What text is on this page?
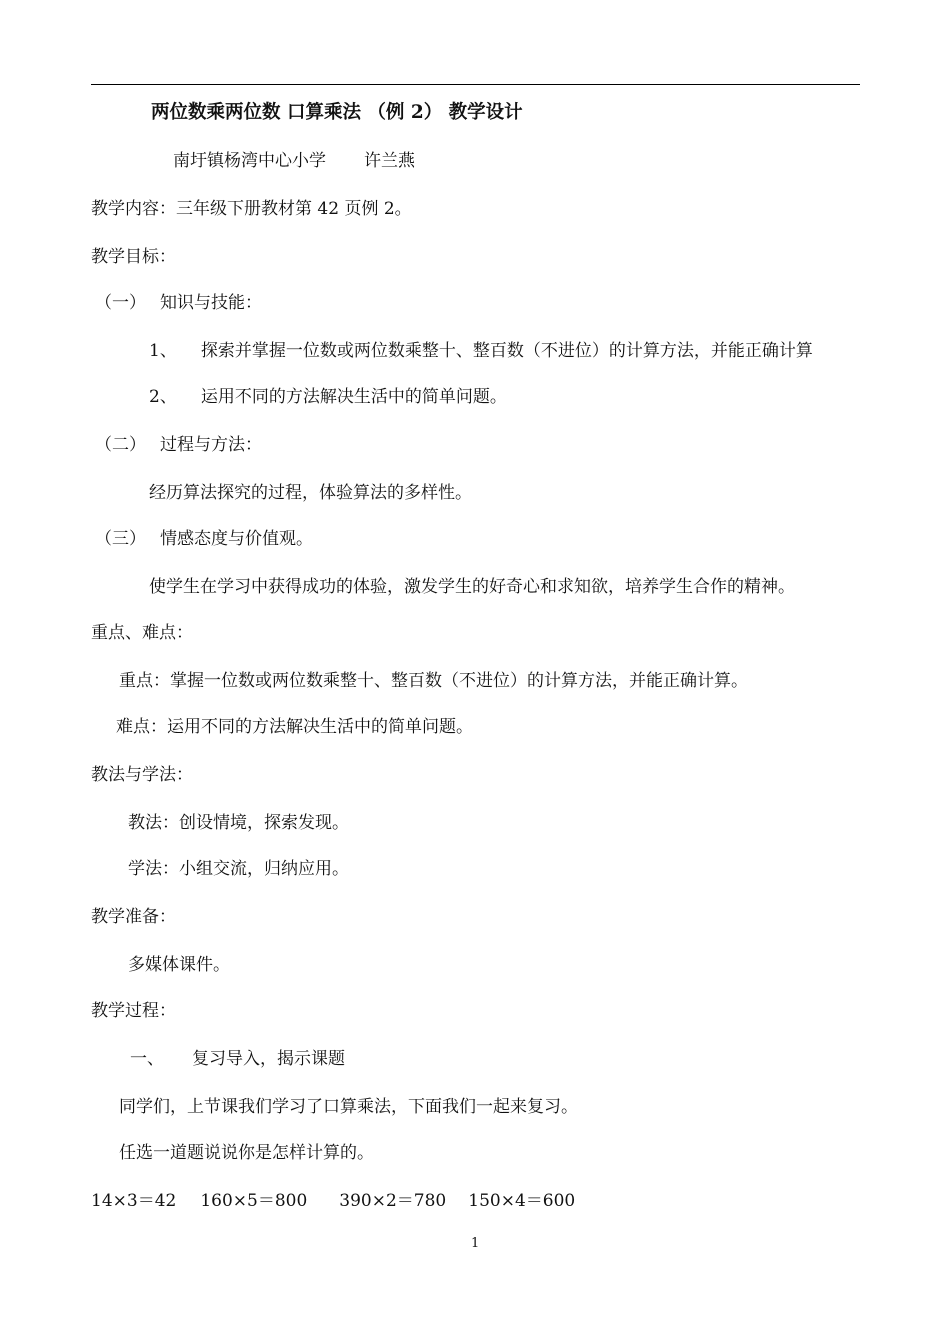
两位数乘两位数 口算乘法 （例 2） 教学设计
南圩镇杨湾中心小学 许兰燕
教学内容：三年级下册教材第 42 页例 2。
教学目标：
（一） 知识与技能：
1、 探索并掌握一位数或两位数乘整十、整百数（不进位）的计算方法，并能正确计算
2、 运用不同的方法解决生活中的简单问题。
（二） 过程与方法：
经历算法探究的过程，体验算法的多样性。
（三） 情感态度与价值观。
使学生在学习中获得成功的体验，激发学生的好奇心和求知欲，培养学生合作的精神。
重点、难点：
重点：掌握一位数或两位数乘整十、整百数（不进位）的计算方法，并能正确计算。
难点：运用不同的方法解决生活中的简单问题。
教法与学法：
教法：创设情境，探索发现。
学法：小组交流，归纳应用。
教学准备：
多媒体课件。
教学过程：
一、 复习导入，揭示课题
同学们，上节课我们学习了口算乘法，下面我们一起来复习。
任选一道题说说你是怎样计算的。
14×3＝42 160×5＝800 390×2＝780 150×4＝600
1
